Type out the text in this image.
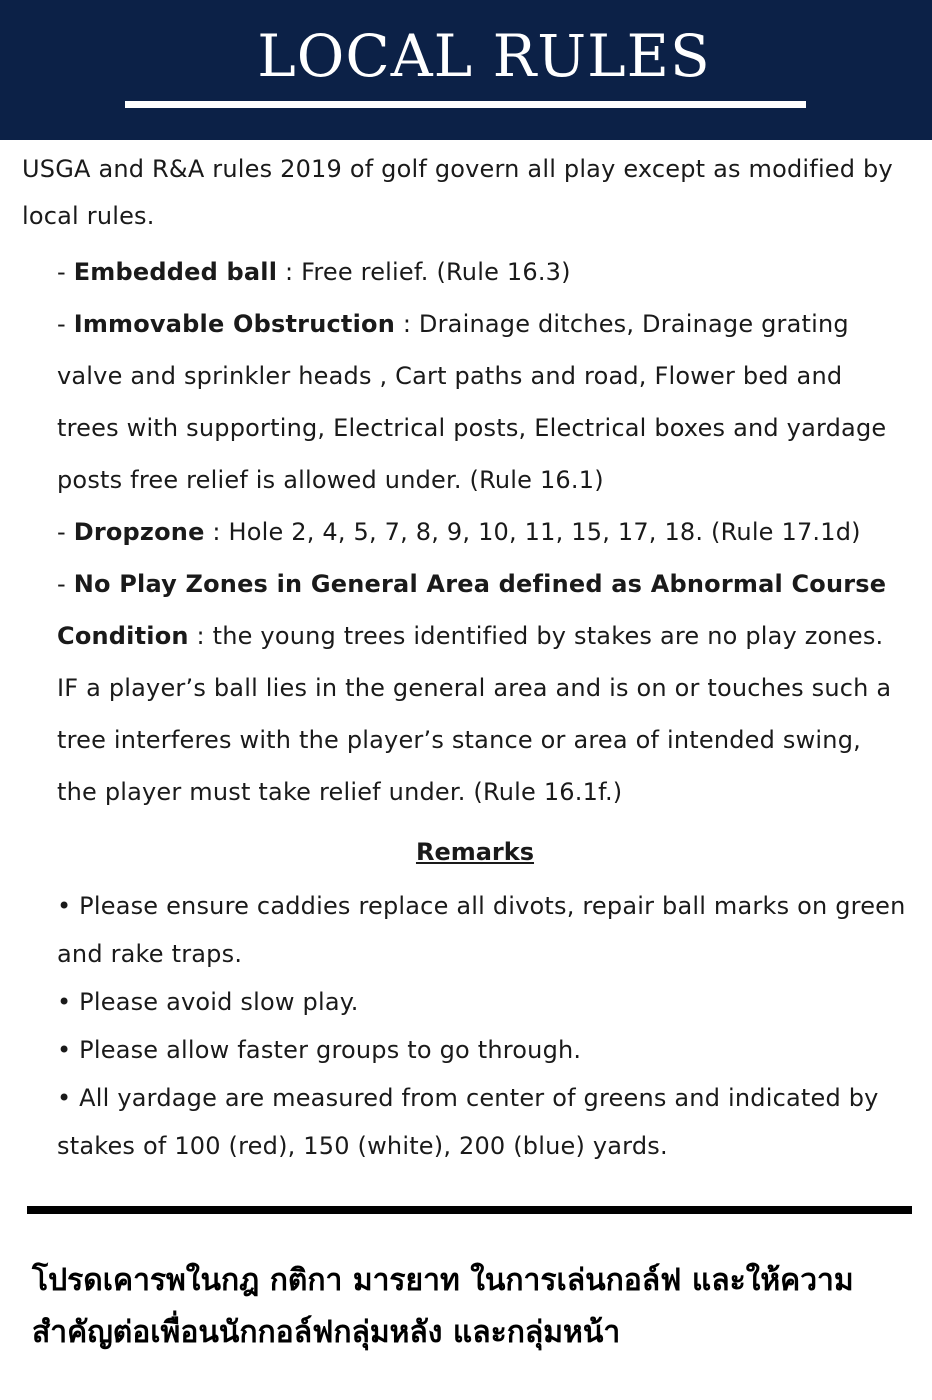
LOCAL RULES

USGA and R&A rules 2019 of golf govern all play except as modified by local rules.

- Embedded ball : Free relief. (Rule 16.3)
- Immovable Obstruction : Drainage ditches, Drainage grating valve and sprinkler heads , Cart paths and road, Flower bed and trees with supporting, Electrical posts, Electrical boxes and yardage posts free relief is allowed under. (Rule 16.1)
- Dropzone : Hole 2, 4, 5, 7, 8, 9, 10, 11, 15, 17, 18. (Rule 17.1d)
- No Play Zones in General Area defined as Abnormal Course Condition : the young trees identified by stakes are no play zones. IF a player’s ball lies in the general area and is on or touches such a tree interferes with the player’s stance or area of intended swing, the player must take relief under. (Rule 16.1f.)

Remarks

• Please ensure caddies replace all divots, repair ball marks on green and rake traps.
• Please avoid slow play.
• Please allow faster groups to go through.
• All yardage are measured from center of greens and indicated by stakes of 100 (red), 150 (white), 200 (blue) yards.
โปรดเคารพในกฎ กติกา มารยาท ในการเล่นกอล์ฟ และให้ความ
สำคัญต่อเพื่อนนักกอล์ฟกลุ่มหลัง และกลุ่มหน้า
